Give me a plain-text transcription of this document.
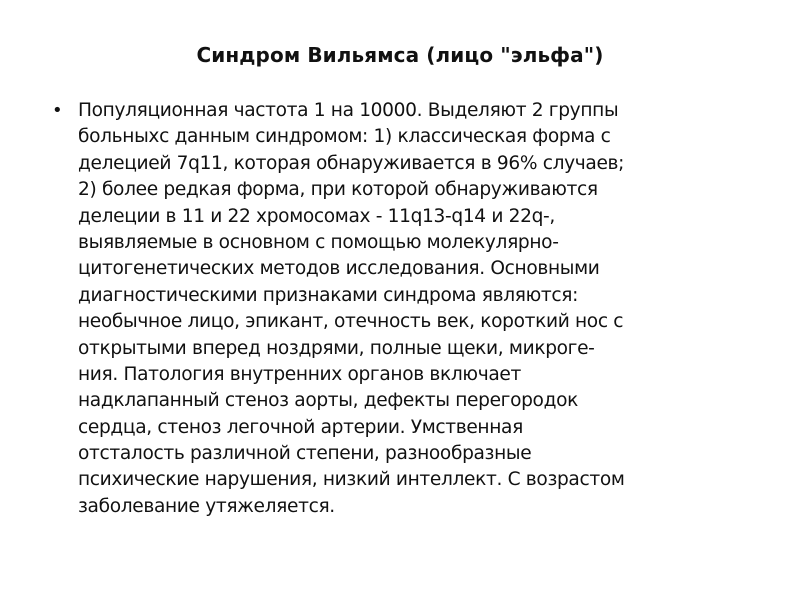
Синдром Вильямса (лицо "эльфа")
• Популяционная частота 1 на 10000. Выделяют 2 группы
больныхс данным синдромом: 1) классическая форма с
делецией 7q11, которая обнаруживается в 96% случаев;
2) более редкая форма, при которой обнаруживаются
делеции в 11 и 22 хромосомах - 11q13-q14 и 22q-,
выявляемые в основном с помощью молекулярно-
цитогенетических методов исследования. Основными
диагностическими признаками синдрома являются:
необычное лицо, эпикант, отечность век, короткий нос с
открытыми вперед ноздрями, полные щеки, микроге-
ния. Патология внутренних органов включает
надклапанный стеноз аорты, дефекты перегородок
сердца, стеноз легочной артерии. Умственная
отсталость различной степени, разнообразные
психические нарушения, низкий интеллект. С возрастом
заболевание утяжеляется.
